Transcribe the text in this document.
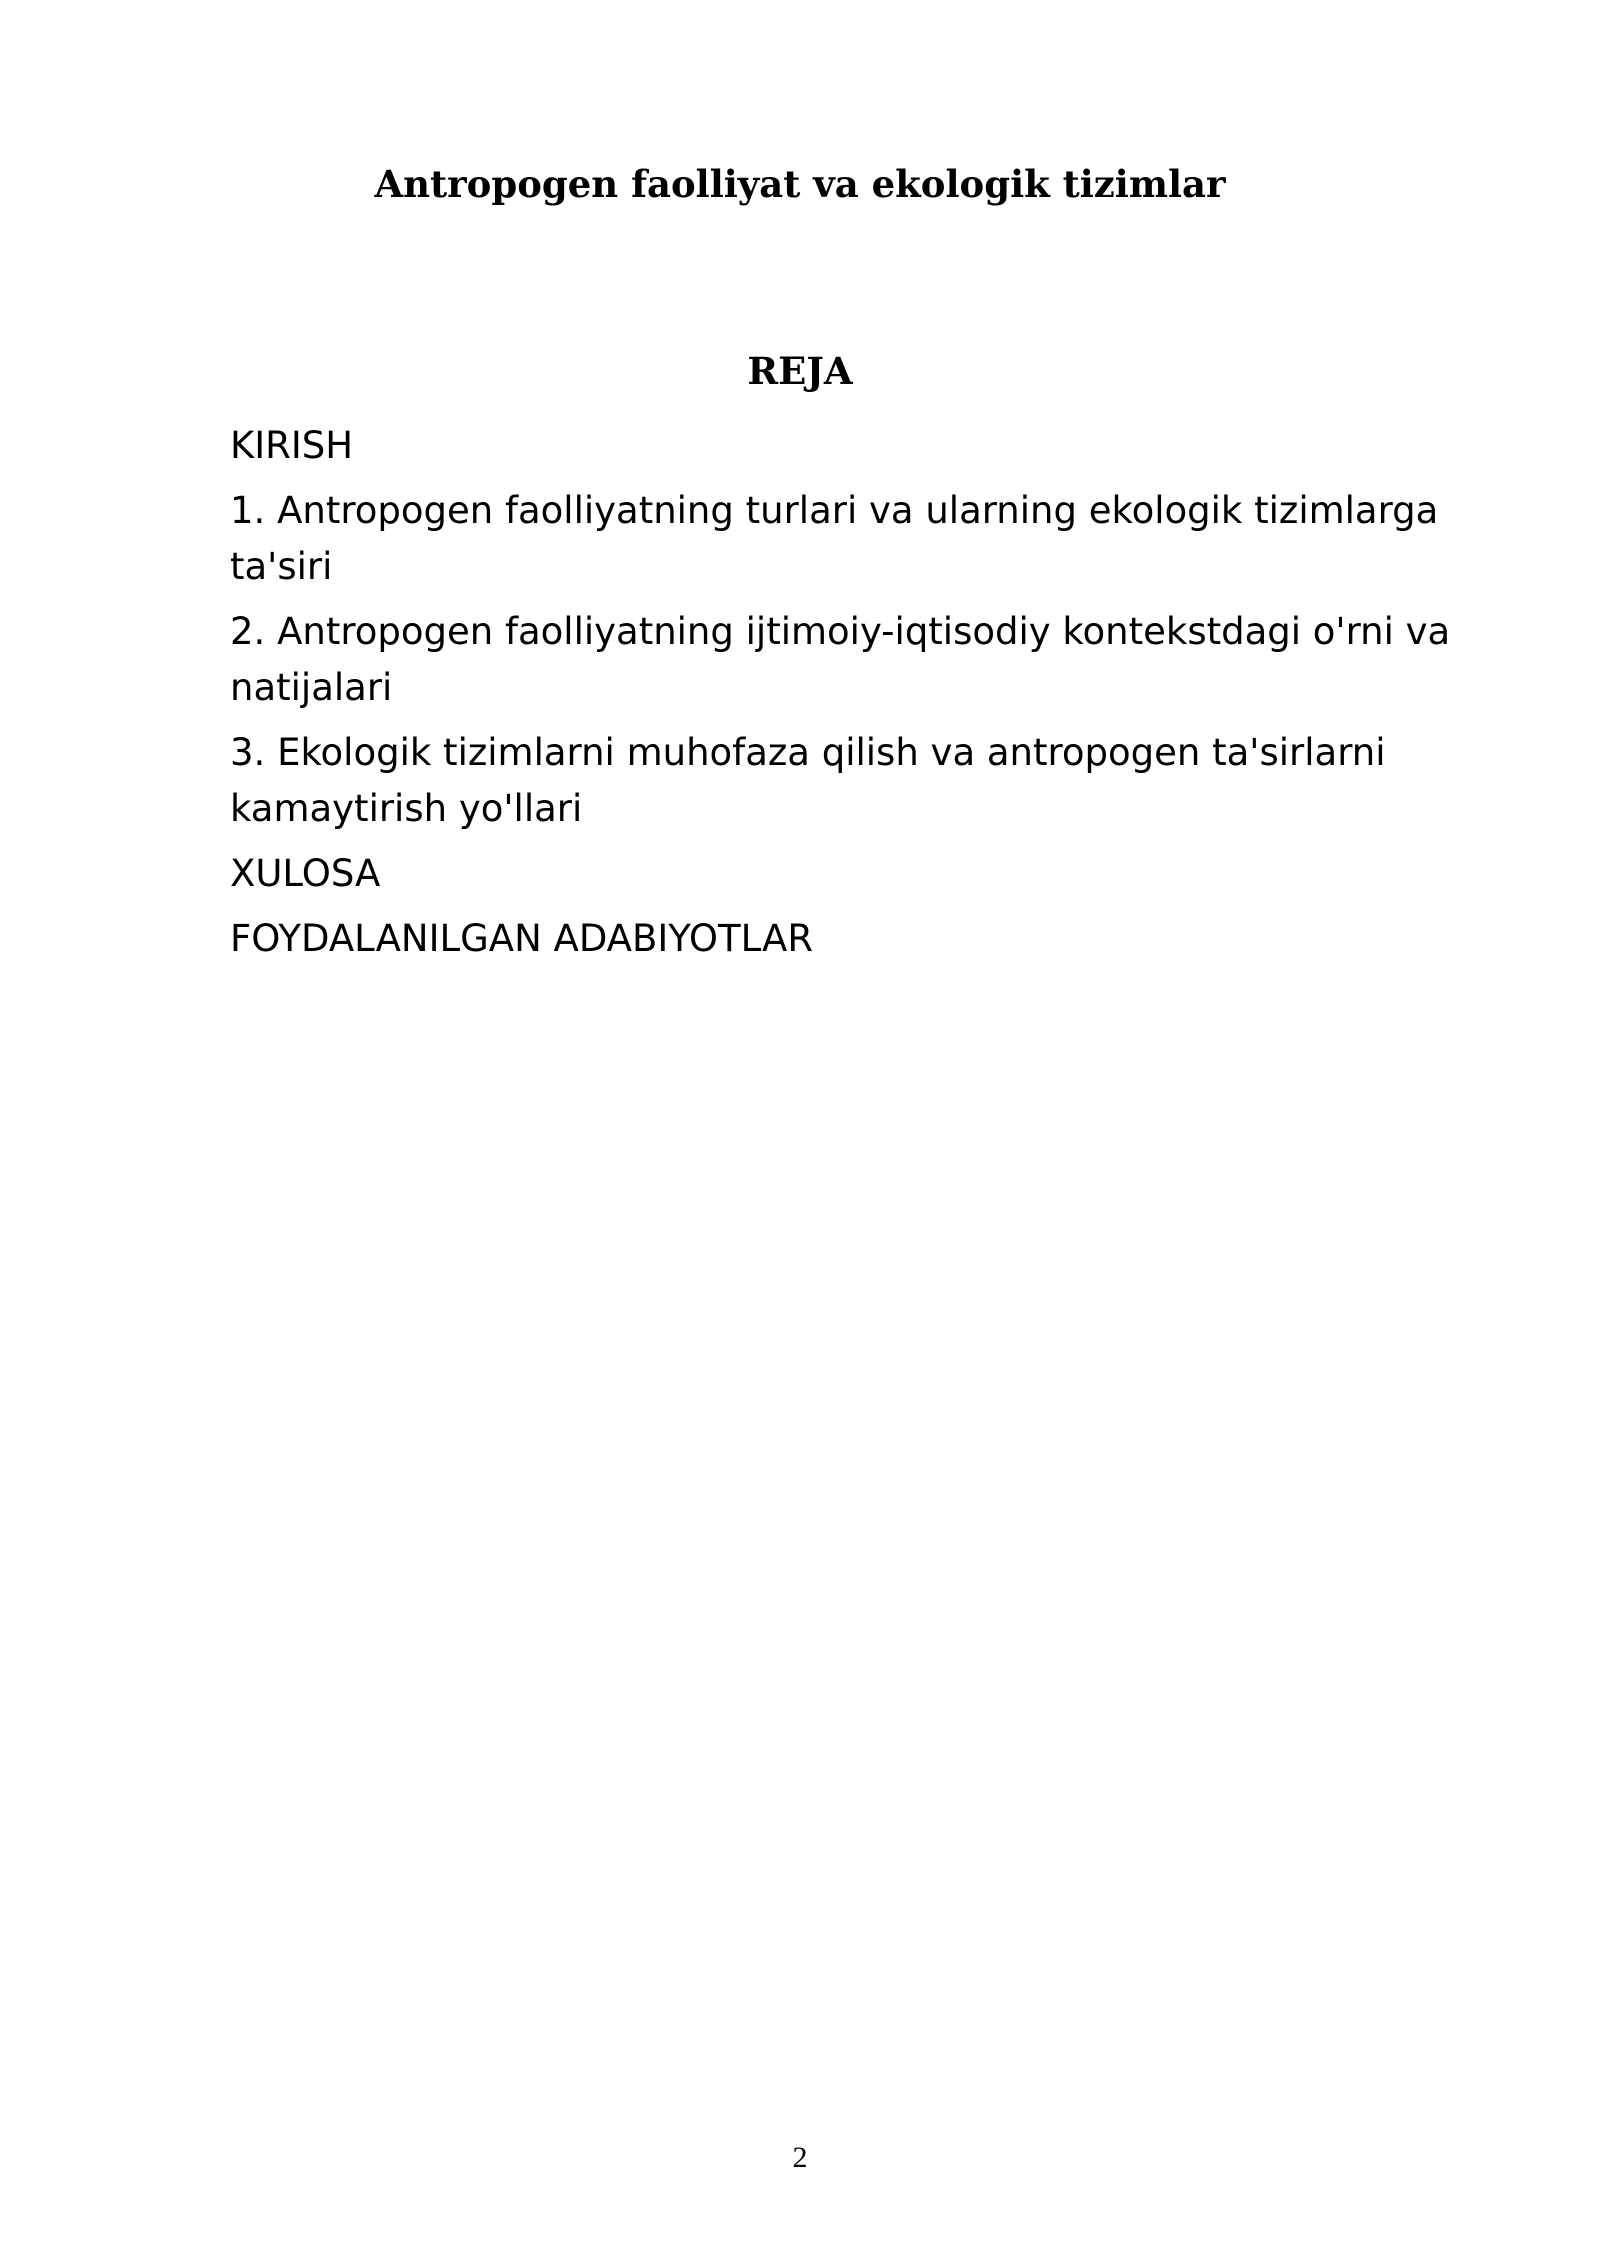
Antropogen faolliyat va ekologik tizimlar
REJA
KIRISH
1. Antropogen faolliyatning turlari va ularning ekologik tizimlarga ta'siri
2. Antropogen faolliyatning ijtimoiy-iqtisodiy kontekstdagi o'rni va natijalari
3. Ekologik tizimlarni muhofaza qilish va antropogen ta'sirlarni kamaytirish yo'llari
XULOSA
FOYDALANILGAN ADABIYOTLAR
2
